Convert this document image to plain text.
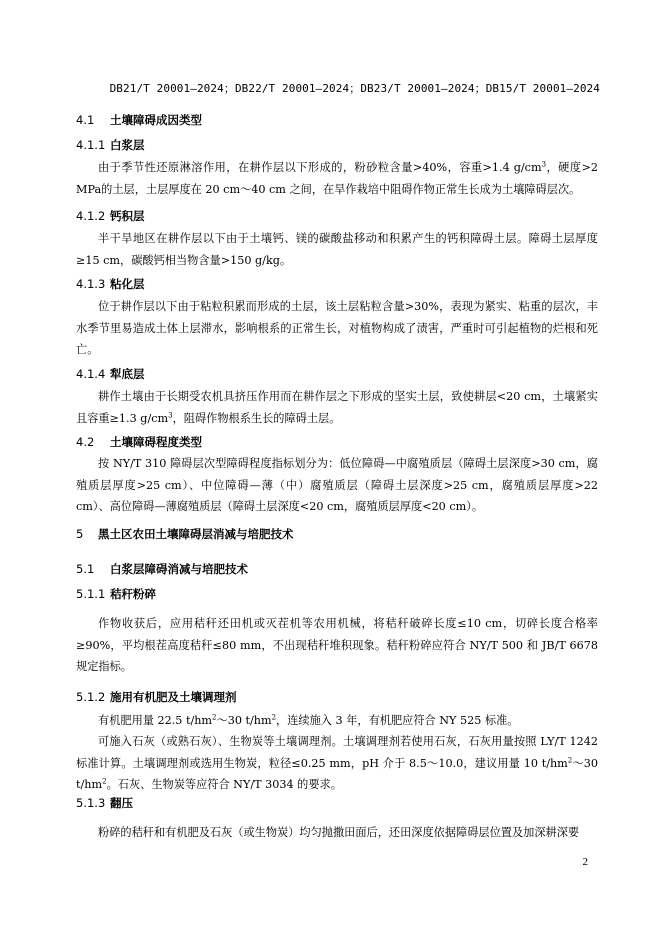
DB21/T 20001—2024；DB22/T 20001—2024；DB23/T 20001—2024；DB15/T 20001—2024
4.1 土壤障碍成因类型
4.1.1 白浆层
由于季节性还原淋溶作用，在耕作层以下形成的，粉砂粒含量>40%，容重>1.4 $g/cm^3$，硬度>2 MPa的土层，土层厚度在 20 cm～40 cm 之间，在旱作栽培中阻碍作物正常生长成为土壤障碍层次。
4.1.2 钙积层
半干旱地区在耕作层以下由于土壤钙、镁的碳酸盐移动和积累产生的钙积障碍土层。障碍土层厚度≥15 cm，碳酸钙相当物含量>150 g/kg。
4.1.3 粘化层
位于耕作层以下由于粘粒积累而形成的土层，该土层粘粒含量>30%，表现为紧实、粘重的层次，丰水季节里易造成土体上层滞水，影响根系的正常生长，对植物构成了渍害，严重时可引起植物的烂根和死亡。
4.1.4 犁底层
耕作土壤由于长期受农机具挤压作用而在耕作层之下形成的坚实土层，致使耕层<20 cm，土壤紧实且容重≥1.3 $g/cm^3$，阻碍作物根系生长的障碍土层。
4.2 土壤障碍程度类型
按 NY/T 310 障碍层次型障碍程度指标划分为：低位障碍—中腐殖质层（障碍土层深度>30 cm，腐殖质层厚度>25 cm）、中位障碍—薄（中）腐殖质层（障碍土层深度>25 cm，腐殖质层厚度>22 cm）、高位障碍—薄腐殖质层（障碍土层深度<20 cm，腐殖质层厚度<20 cm）。
5 黑土区农田土壤障碍层消减与培肥技术
5.1 白浆层障碍消减与培肥技术
5.1.1 秸秆粉碎
作物收获后，应用秸秆还田机或灭茬机等农用机械，将秸秆破碎长度≤10 cm，切碎长度合格率≥90%，平均根茬高度秸秆≤80 mm，不出现秸秆堆积现象。秸秆粉碎应符合 NY/T 500 和 JB/T 6678 规定指标。
5.1.2 施用有机肥及土壤调理剂
有机肥用量 22.5 $t/hm^2\sim 30$ $t/hm^2$，连续施入 3 年，有机肥应符合 NY 525 标准。
可施入石灰（或熟石灰）、生物炭等土壤调理剂。土壤调理剂若使用石灰，石灰用量按照 LY/T 1242 标准计算。土壤调理剂或选用生物炭，粒径≤0.25 mm，pH 介于 8.5～10.0，建议用量 10 $t/hm^2\sim 30$ $t/hm^2$。石灰、生物炭等应符合 NY/T 3034 的要求。
5.1.3 翻压
粉碎的秸秆和有机肥及石灰（或生物炭）均匀抛撒田面后，还田深度依据障碍层位置及加深耕深要
2
